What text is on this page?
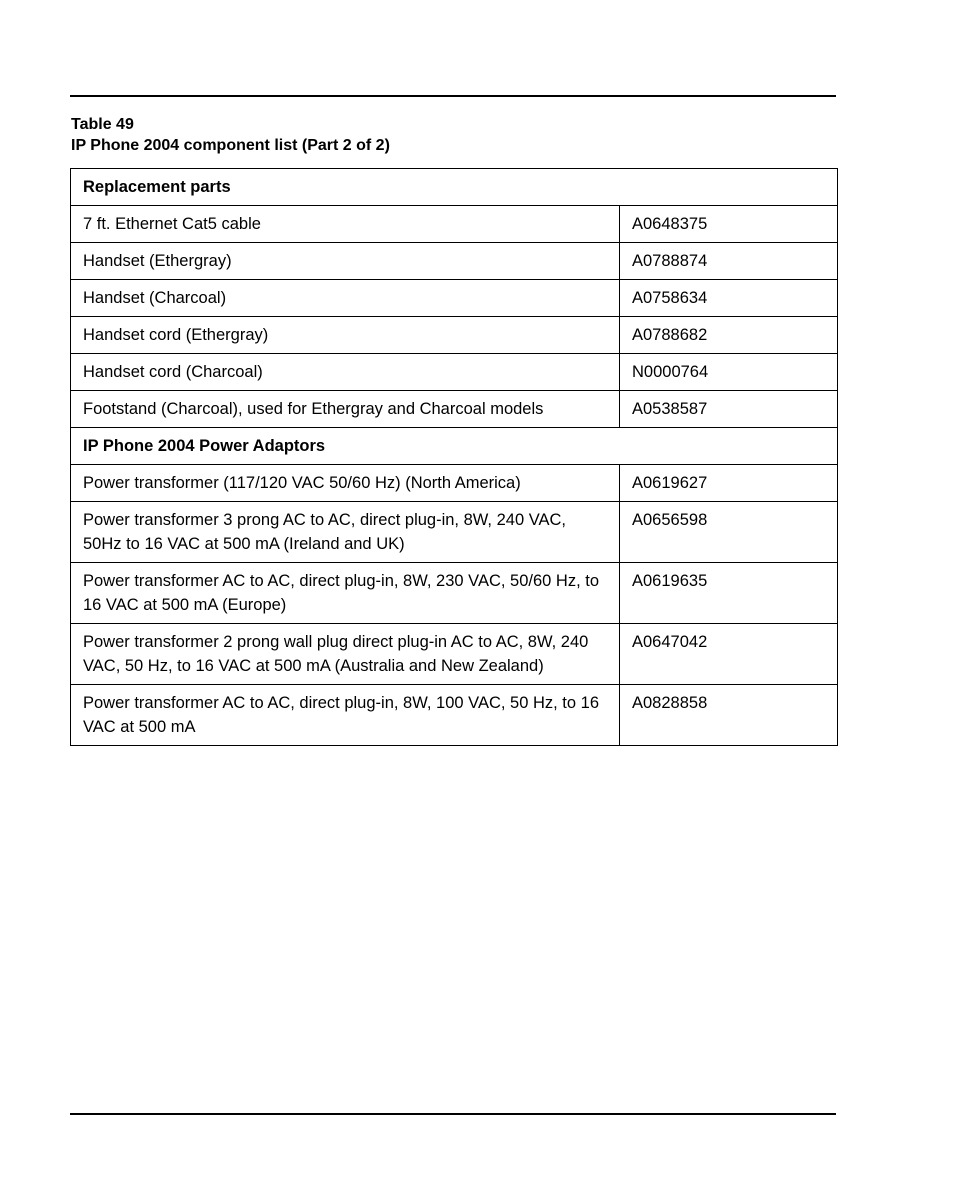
Table 49
IP Phone 2004 component list (Part 2 of 2)
Replacement parts	
7 ft. Ethernet Cat5 cable	A0648375
Handset (Ethergray)	A0788874
Handset (Charcoal)	A0758634
Handset cord (Ethergray)	A0788682
Handset cord (Charcoal)	N0000764
Footstand (Charcoal), used for Ethergray and Charcoal models	A0538587
IP Phone 2004 Power Adaptors	
Power transformer (117/120 VAC 50/60 Hz) (North America)	A0619627
Power transformer 3 prong AC to AC, direct plug-in, 8W, 240 VAC, 50Hz to 16 VAC at 500 mA (Ireland and UK)	A0656598
Power transformer AC to AC, direct plug-in, 8W, 230 VAC, 50/60 Hz, to 16 VAC at 500 mA (Europe)	A0619635
Power transformer 2 prong wall plug direct plug-in AC to AC, 8W, 240 VAC, 50 Hz, to 16 VAC at 500 mA (Australia and New Zealand)	A0647042
Power transformer AC to AC, direct plug-in, 8W, 100 VAC, 50 Hz, to 16 VAC at 500 mA	A0828858
